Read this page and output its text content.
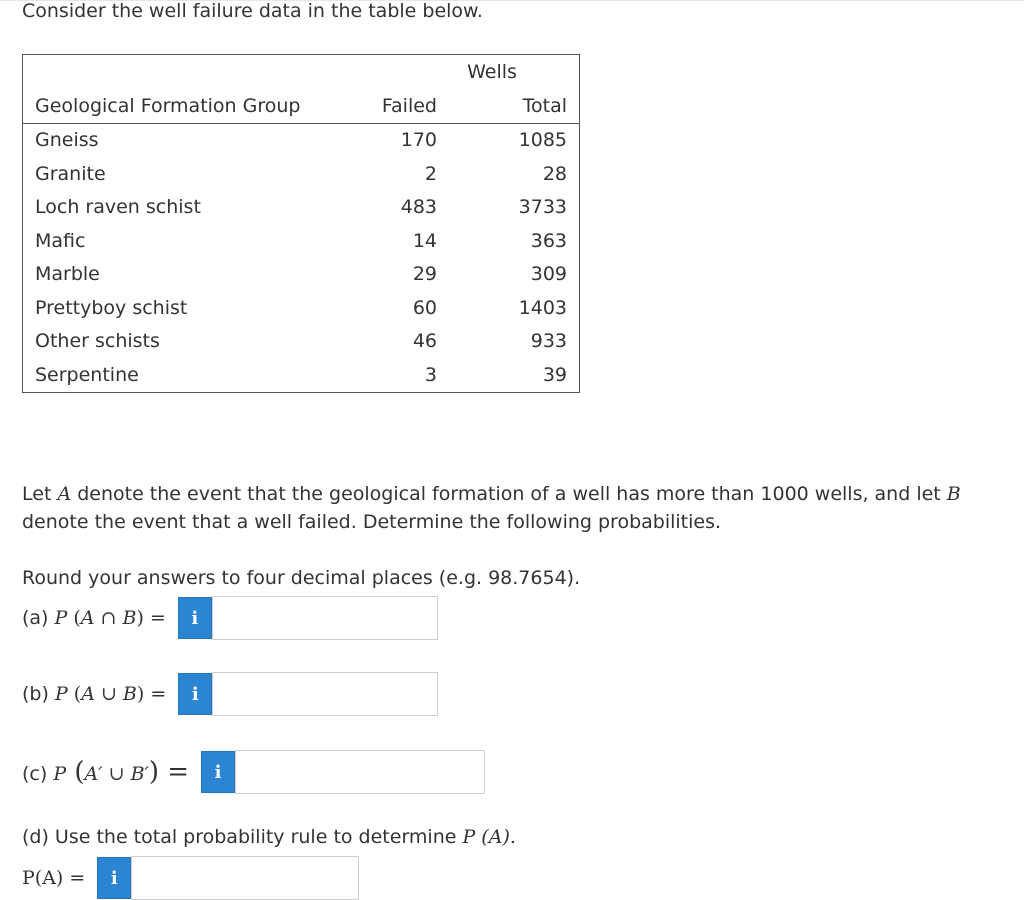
Consider the well failure data in the table below.
	Wells	
Geological Formation Group	Failed	Total
Gneiss	170	1085
Granite	2	28
Loch raven schist	483	3733
Mafic	14	363
Marble	29	309
Prettyboy schist	60	1403
Other schists	46	933
Serpentine	3	39
Let A denote the event that the geological formation of a well has more than 1000 wells, and let B denote the event that a well failed. Determine the following probabilities.
Round your answers to four decimal places (e.g. 98.7654).
(a) P (A ∩ B) =	i
(b) P (A ∪ B) =	i
(c) P (A′ ∪ B′) =	i
(d) Use the total probability rule to determine P (A).
P(A) =	i
